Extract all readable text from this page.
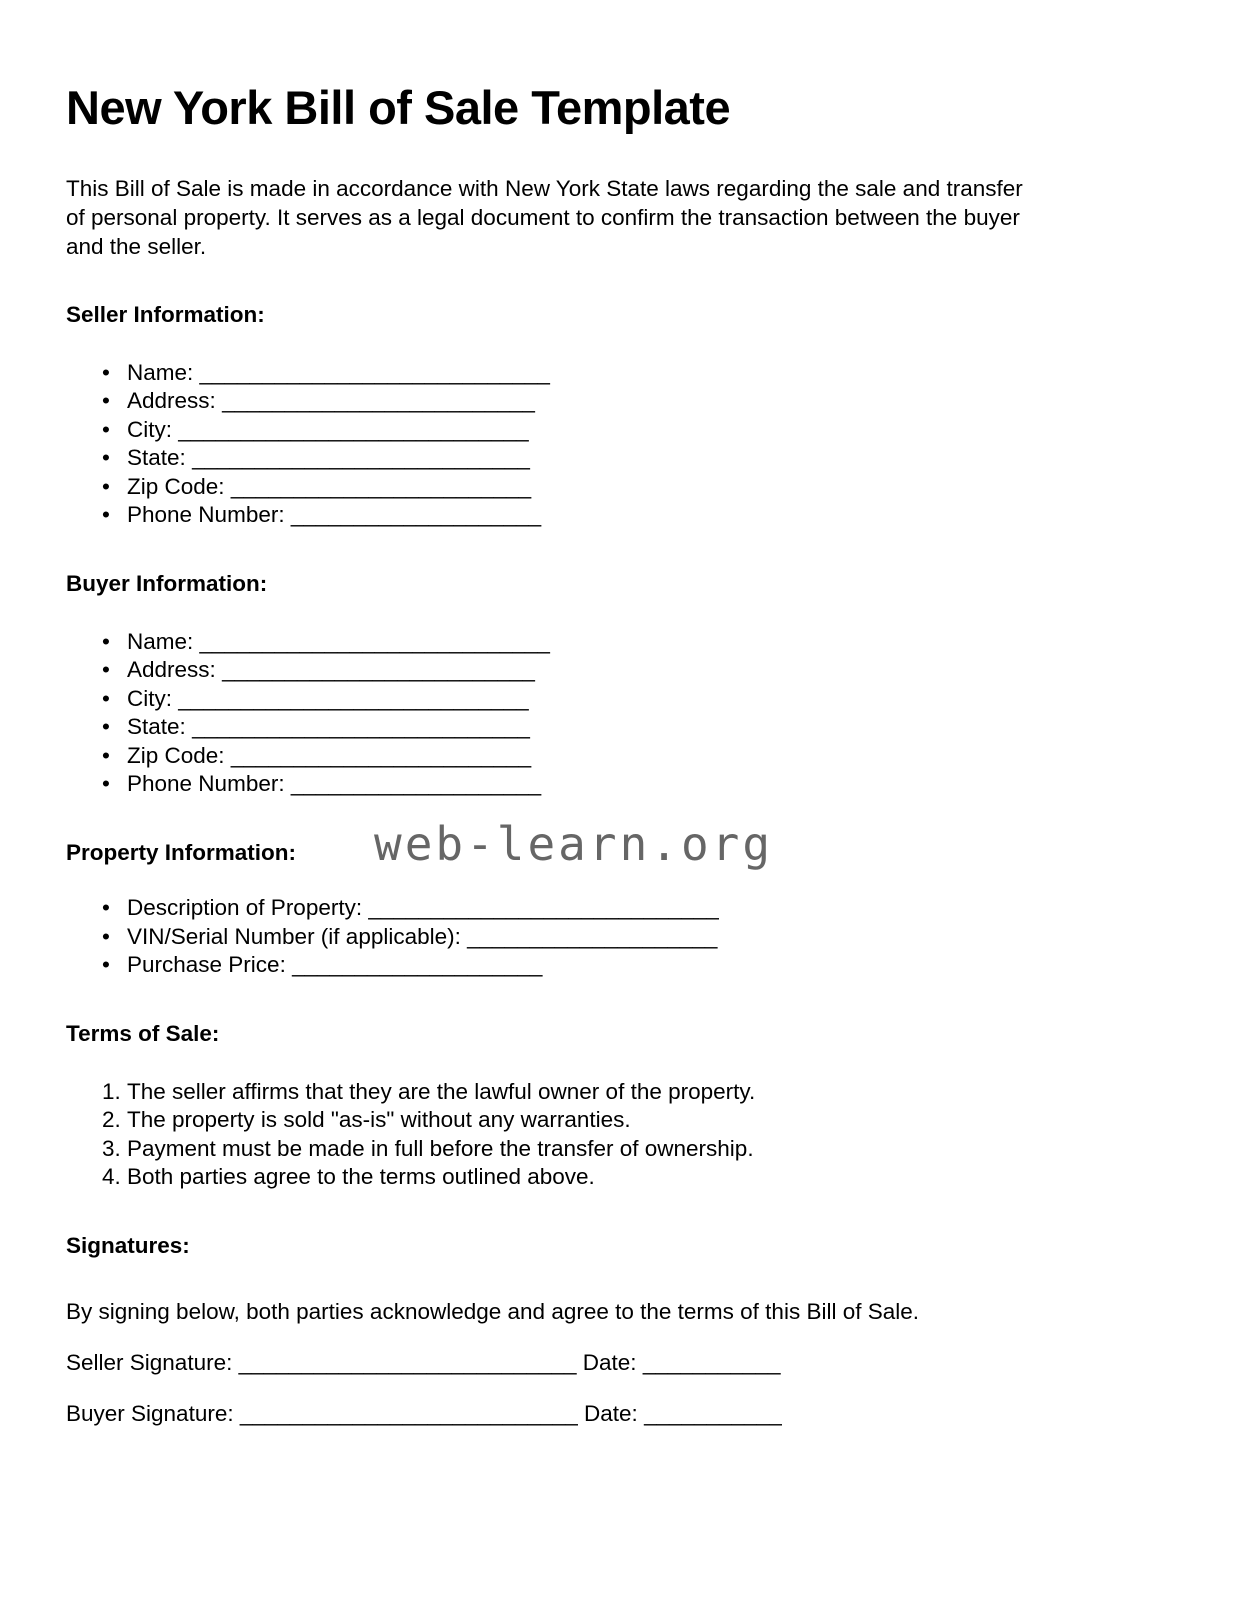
New York Bill of Sale Template

This Bill of Sale is made in accordance with New York State laws regarding the sale and transfer of personal property. It serves as a legal document to confirm the transaction between the buyer and the seller.

Seller Information:
• Name: ____________________________
• Address: _________________________
• City: ____________________________
• State: ___________________________
• Zip Code: ________________________
• Phone Number: ____________________
Buyer Information:
• Name: ____________________________
• Address: _________________________
• City: ____________________________
• State: ___________________________
• Zip Code: ________________________
• Phone Number: ____________________
Property Information: web-learn.org
• Description of Property: ____________________________
• VIN/Serial Number (if applicable): ____________________
• Purchase Price: ____________________
Terms of Sale:
1. The seller affirms that they are the lawful owner of the property.
2. The property is sold "as-is" without any warranties.
3. Payment must be made in full before the transfer of ownership.
4. Both parties agree to the terms outlined above.
Signatures:

By signing below, both parties acknowledge and agree to the terms of this Bill of Sale.

Seller Signature: ___________________________ Date: ___________

Buyer Signature: ___________________________ Date: ___________
